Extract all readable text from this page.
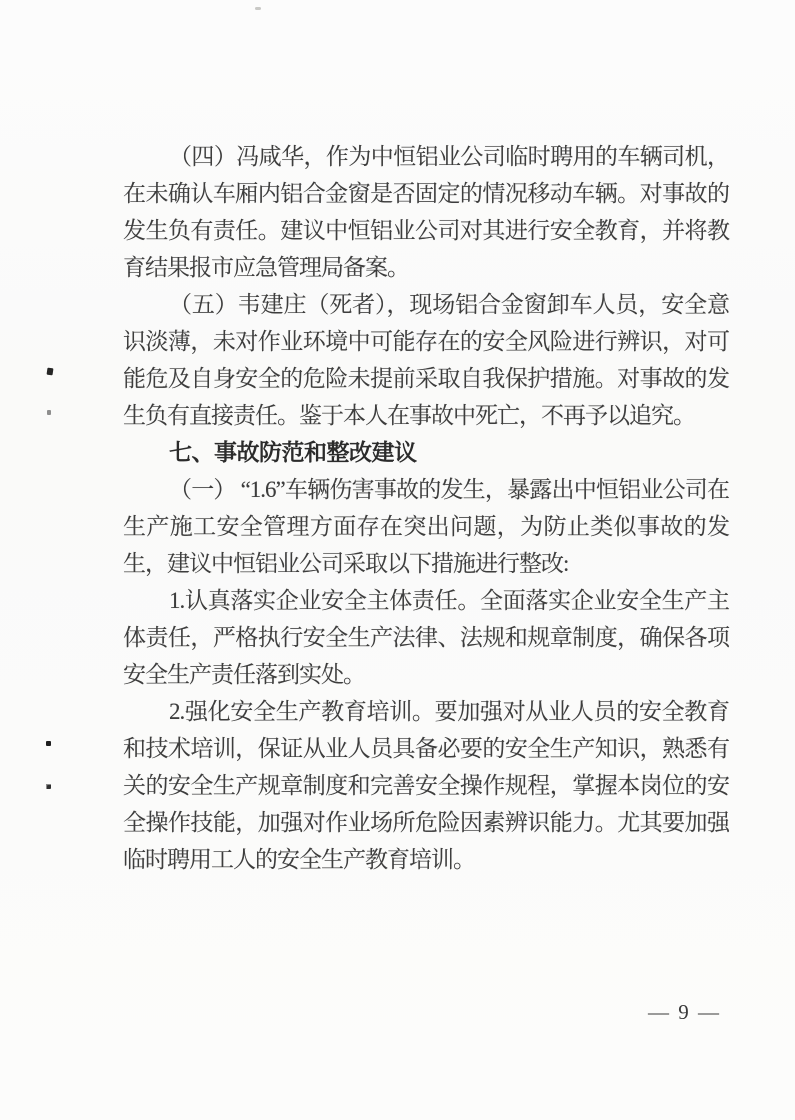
（四）冯咸华，作为中恒铝业公司临时聘用的车辆司机，在未确认车厢内铝合金窗是否固定的情况移动车辆。对事故的发生负有责任。建议中恒铝业公司对其进行安全教育，并将教育结果报市应急管理局备案。

（五）韦建庄（死者），现场铝合金窗卸车人员，安全意识淡薄，未对作业环境中可能存在的安全风险进行辨识，对可能危及自身安全的危险未提前采取自我保护措施。对事故的发生负有直接责任。鉴于本人在事故中死亡，不再予以追究。

七、事故防范和整改建议

（一） “1.6”车辆伤害事故的发生，暴露出中恒铝业公司在生产施工安全管理方面存在突出问题，为防止类似事故的发生，建议中恒铝业公司采取以下措施进行整改:

1.认真落实企业安全主体责任。全面落实企业安全生产主体责任，严格执行安全生产法律、法规和规章制度，确保各项安全生产责任落到实处。

2.强化安全生产教育培训。要加强对从业人员的安全教育和技术培训，保证从业人员具备必要的安全生产知识，熟悉有关的安全生产规章制度和完善安全操作规程，掌握本岗位的安全操作技能，加强对作业场所危险因素辨识能力。尤其要加强临时聘用工人的安全生产教育培训。

— 9 —
